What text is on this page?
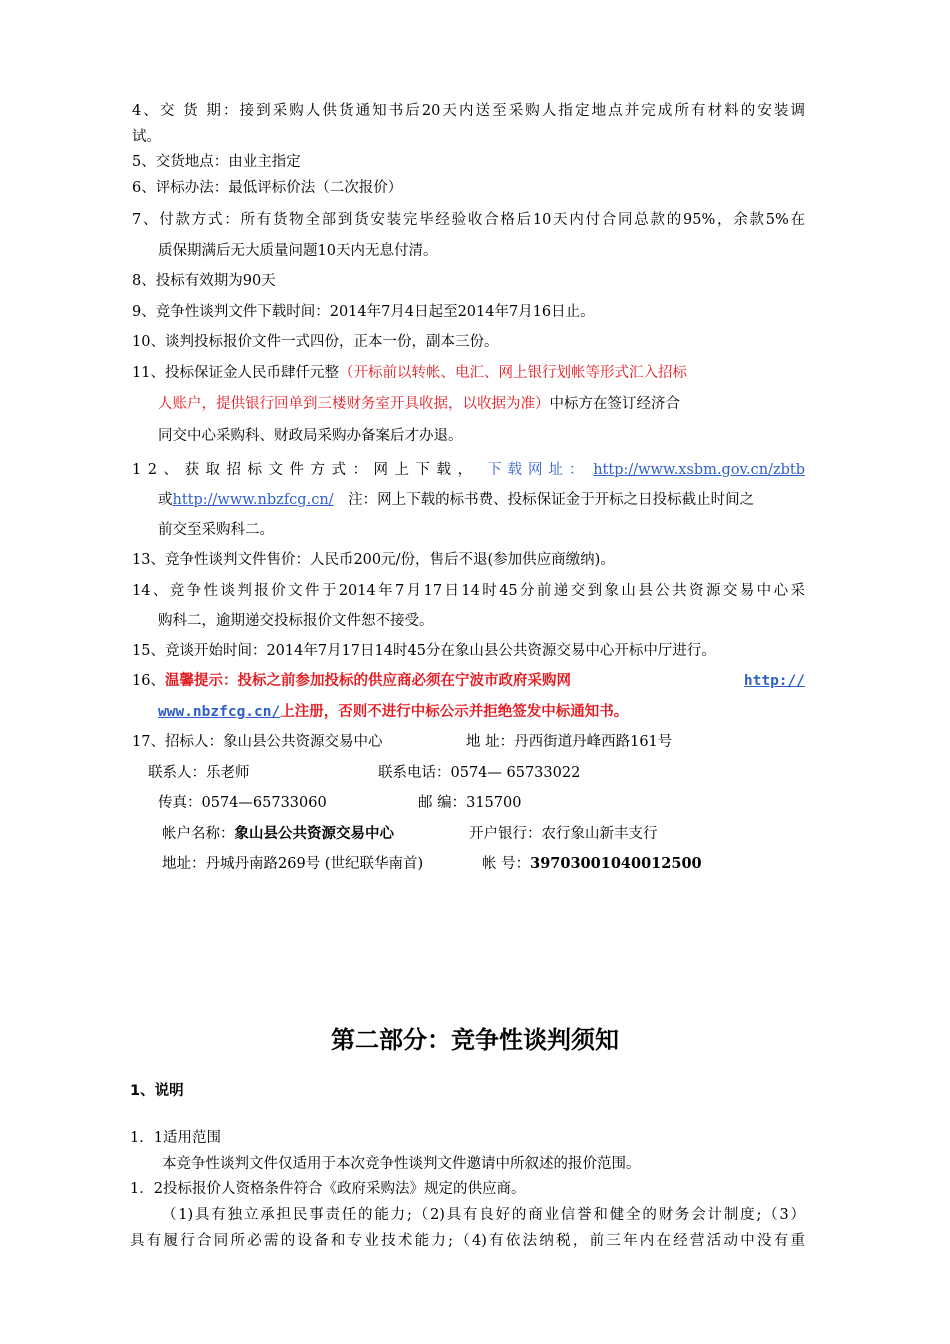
4、交 货 期：接到采购人供货通知书后20天内送至采购人指定地点并完成所有材料的安装调
试。
5、交货地点：由业主指定
6、评标办法：最低评标价法（二次报价）
7、付款方式：所有货物全部到货安装完毕经验收合格后10天内付合同总款的95%，余款5%在
质保期满后无大质量问题10天内无息付清。
8、投标有效期为90天
9、竞争性谈判文件下载时间：2014年7月4日起至2014年7月16日止。
10、谈判投标报价文件一式四份，正本一份，副本三份。
11、投标保证金人民币肆仟元整（开标前以转帐、电汇、网上银行划帐等形式汇入招标
人账户，提供银行回单到三楼财务室开具收据，以收据为准）中标方在签订经济合
同交中心采购科、财政局采购办备案后才办退。
12、获取招标文件方式：网上下载， 下载网址： http://www.xsbm.gov.cn/zbtb
或http://www.nbzfcg.cn/ 注：网上下载的标书费、投标保证金于开标之日投标截止时间之
前交至采购科二。
13、竞争性谈判文件售价：人民币200元/份，售后不退(参加供应商缴纳)。
14、竞争性谈判报价文件于2014年7月17日14时45分前递交到象山县公共资源交易中心采
购科二，逾期递交投标报价文件恕不接受。
15、竞谈开始时间：2014年7月17日14时45分在象山县公共资源交易中心开标中厅进行。
16、温馨提示：投标之前参加投标的供应商必须在宁波市政府采购网	http://
www.nbzfcg.cn/上注册，否则不进行中标公示并拒绝签发中标通知书。
17、招标人：象山县公共资源交易中心	地 址：丹西街道丹峰西路161号
联系人：乐老师	联系电话：0574— 65733022
传真：0574—65733060	邮 编：315700
帐户名称：象山县公共资源交易中心	开户银行：农行象山新丰支行
地址：丹城丹南路269号 (世纪联华南首)	帐 号：39703001040012500
第二部分：竞争性谈判须知
1、说明
1．1适用范围
本竞争性谈判文件仅适用于本次竞争性谈判文件邀请中所叙述的报价范围。
1．2投标报价人资格条件符合《政府采购法》规定的供应商。
（1)具有独立承担民事责任的能力;（2)具有良好的商业信誉和健全的财务会计制度;（3）
具有履行合同所必需的设备和专业技术能力;（4)有依法纳税，前三年内在经营活动中没有重
